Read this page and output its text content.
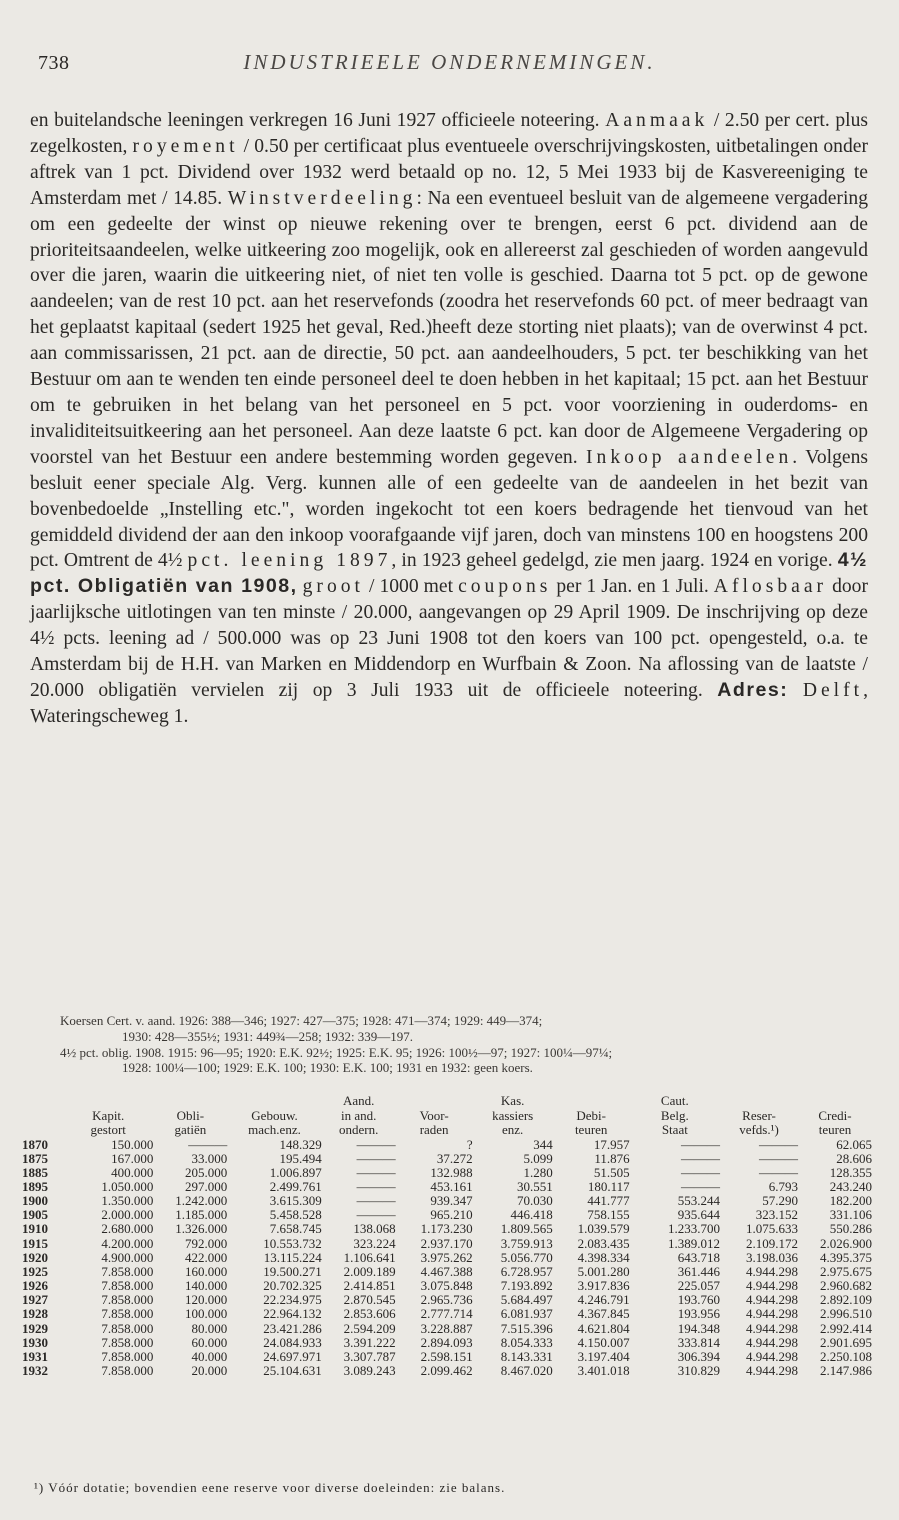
738	INDUSTRIEELE ONDERNEMINGEN.

en buitelandsche leeningen verkregen 16 Juni 1927 officieele noteering. Aanmaak / 2.50 per cert. plus zegelkosten, royement / 0.50 per certificaat plus eventueele overschrijvingskosten, uitbetalingen onder aftrek van 1 pct. Dividend over 1932 werd betaald op no. 12, 5 Mei 1933 bij de Kasvereeniging te Amsterdam met / 14.85. Winstverdeeling: Na een eventueel besluit van de algemeene vergadering om een gedeelte der winst op nieuwe rekening over te brengen, eerst 6 pct. dividend aan de prioriteitsaandeelen, welke uitkeering zoo mogelijk, ook en allereerst zal geschieden of worden aangevuld over die jaren, waarin die uitkeering niet, of niet ten volle is geschied. Daarna tot 5 pct. op de gewone aandeelen; van de rest 10 pct. aan het reservefonds (zoodra het reservefonds 60 pct. of meer bedraagt van het geplaatst kapitaal (sedert 1925 het geval, Red.)heeft deze storting niet plaats); van de overwinst 4 pct. aan commissarissen, 21 pct. aan de directie, 50 pct. aan aandeelhouders, 5 pct. ter beschikking van het Bestuur om aan te wenden ten einde personeel deel te doen hebben in het kapitaal; 15 pct. aan het Bestuur om te gebruiken in het belang van het personeel en 5 pct. voor voorziening in ouderdoms- en invaliditeitsuitkeering aan het personeel. Aan deze laatste 6 pct. kan door de Algemeene Vergadering op voorstel van het Bestuur een andere bestemming worden gegeven. Inkoop aandeelen. Volgens besluit eener speciale Alg. Verg. kunnen alle of een gedeelte van de aandeelen in het bezit van bovenbedoelde „Instelling etc.", worden ingekocht tot een koers bedragende het tienvoud van het gemiddeld dividend der aan den inkoop voorafgaande vijf jaren, doch van minstens 100 en hoogstens 200 pct. Omtrent de 4½ pct. leening 1897, in 1923 geheel gedelgd, zie men jaarg. 1924 en vorige. 4½ pct. Obligatiën van 1908, groot / 1000 met coupons per 1 Jan. en 1 Juli. Aflosbaar door jaarlijksche uitlotingen van ten minste / 20.000, aangevangen op 29 April 1909. De inschrijving op deze 4½ pcts. leening ad / 500.000 was op 23 Juni 1908 tot den koers van 100 pct. opengesteld, o.a. te Amsterdam bij de H.H. van Marken en Middendorp en Wurfbain & Zoon. Na aflossing van de laatste / 20.000 obligatiën vervielen zij op 3 Juli 1933 uit de officieele noteering. Adres: Delft, Wateringscheweg 1.

Koersen Cert. v. aand. 1926: 388—346; 1927: 427—375; 1928: 471—374; 1929: 449—374;

1930: 428—355½; 1931: 449¾—258; 1932: 339—197.

4½ pct. oblig. 1908. 1915: 96—95; 1920: E.K. 92½; 1925: E.K. 95; 1926: 100½—97; 1927: 100¼—97¼;

1928: 100¼—100; 1929: E.K. 100; 1930: E.K. 100; 1931 en 1932: geen koers.

				Aand.		Kas.		Caut.		
	Kapit.	Obli-	Gebouw.	in and.	Voor-	kassiers	Debi-	Belg.	Reser-	Credi-
	gestort	gatiën	mach.enz.	ondern.	raden	enz.	teuren	Staat	vefds.¹)	teuren
1870	150.000	———	148.329	———	?	344	17.957	———	———	62.065
1875	167.000	33.000	195.494	———	37.272	5.099	11.876	———	———	28.606
1885	400.000	205.000	1.006.897	———	132.988	1.280	51.505	———	———	128.355
1895	1.050.000	297.000	2.499.761	———	453.161	30.551	180.117	———	6.793	243.240
1900	1.350.000	1.242.000	3.615.309	———	939.347	70.030	441.777	553.244	57.290	182.200
1905	2.000.000	1.185.000	5.458.528	———	965.210	446.418	758.155	935.644	323.152	331.106
1910	2.680.000	1.326.000	7.658.745	138.068	1.173.230	1.809.565	1.039.579	1.233.700	1.075.633	550.286
1915	4.200.000	792.000	10.553.732	323.224	2.937.170	3.759.913	2.083.435	1.389.012	2.109.172	2.026.900
1920	4.900.000	422.000	13.115.224	1.106.641	3.975.262	5.056.770	4.398.334	643.718	3.198.036	4.395.375
1925	7.858.000	160.000	19.500.271	2.009.189	4.467.388	6.728.957	5.001.280	361.446	4.944.298	2.975.675
1926	7.858.000	140.000	20.702.325	2.414.851	3.075.848	7.193.892	3.917.836	225.057	4.944.298	2.960.682
1927	7.858.000	120.000	22.234.975	2.870.545	2.965.736	5.684.497	4.246.791	193.760	4.944.298	2.892.109
1928	7.858.000	100.000	22.964.132	2.853.606	2.777.714	6.081.937	4.367.845	193.956	4.944.298	2.996.510
1929	7.858.000	80.000	23.421.286	2.594.209	3.228.887	7.515.396	4.621.804	194.348	4.944.298	2.992.414
1930	7.858.000	60.000	24.084.933	3.391.222	2.894.093	8.054.333	4.150.007	333.814	4.944.298	2.901.695
1931	7.858.000	40.000	24.697.971	3.307.787	2.598.151	8.143.331	3.197.404	306.394	4.944.298	2.250.108
1932	7.858.000	20.000	25.104.631	3.089.243	2.099.462	8.467.020	3.401.018	310.829	4.944.298	2.147.986
¹) Vóór dotatie; bovendien eene reserve voor diverse doeleinden: zie balans.
